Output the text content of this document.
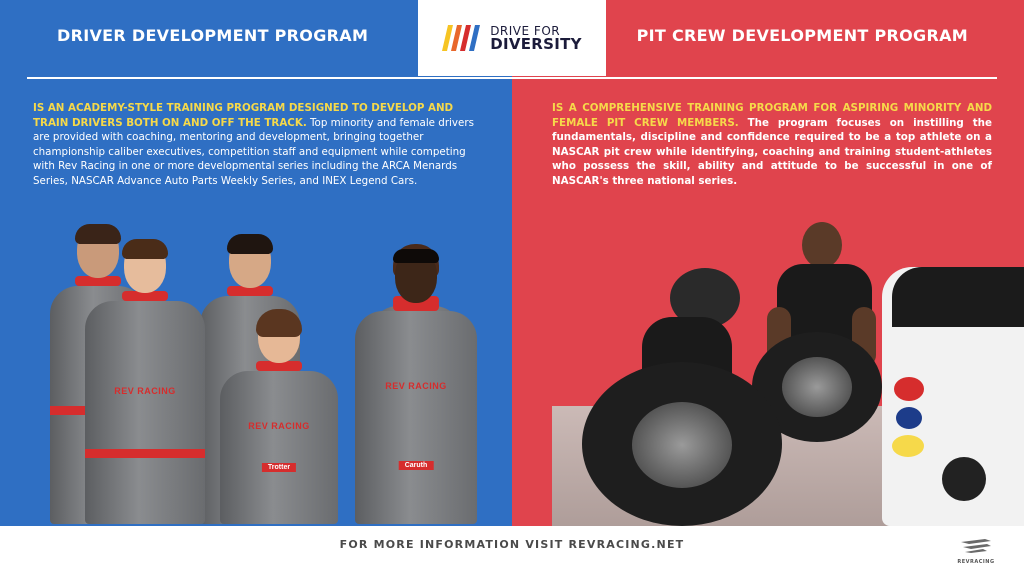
DRIVER DEVELOPMENT PROGRAM

IS AN ACADEMY-STYLE TRAINING PROGRAM DESIGNED TO DEVELOP AND TRAIN DRIVERS BOTH ON AND OFF THE TRACK. Top minority and female drivers are provided with coaching, mentoring and development, bringing together championship caliber executives, competition staff and equipment while competing with Rev Racing in one or more developmental series including the ARCA Menards Series, NASCAR Advance Auto Parts Weekly Series, and INEX Legend Cars.

REV RACING	REV RACING
Caruth
REV RACING
Trotter
PIT CREW DEVELOPMENT PROGRAM

IS A COMPREHENSIVE TRAINING PROGRAM FOR ASPIRING MINORITY AND FEMALE PIT CREW MEMBERS. The program focuses on instilling the fundamentals, discipline and confidence required to be a top athlete on a NASCAR pit crew while identifying, coaching and training student-athletes who possess the skill, ability and attitude to be successful in one of NASCAR's three national series.

DRIVE FOR
DIVERSITY
FOR MORE INFORMATION VISIT REVRACING.NET
REVRACING
